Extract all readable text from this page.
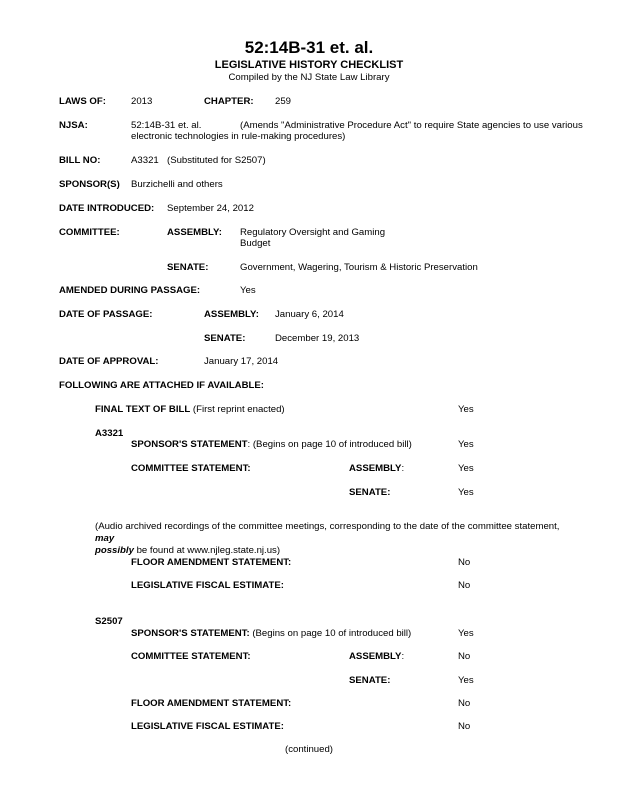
52:14B-31 et. al.
LEGISLATIVE HISTORY CHECKLIST
Compiled by the NJ State Law Library
LAWS OF:	2013	CHAPTER: 259
NJSA:	52:14B-31 et. al.	(Amends "Administrative Procedure Act" to require State agencies to use various
electronic technologies in rule-making procedures)
BILL NO:	A3321 (Substituted for S2507)
SPONSOR(S) Burzichelli and others
DATE INTRODUCED: September 24, 2012
COMMITTEE:	ASSEMBLY: Regulatory Oversight and Gaming
Budget
SENATE:	Government, Wagering, Tourism & Historic Preservation
AMENDED DURING PASSAGE:	Yes
DATE OF PASSAGE:	ASSEMBLY: January 6, 2014
SENATE:	December 19, 2013
DATE OF APPROVAL:	January 17, 2014
FOLLOWING ARE ATTACHED IF AVAILABLE:
FINAL TEXT OF BILL (First reprint enacted)	Yes
A3321
SPONSOR'S STATEMENT: (Begins on page 10 of introduced bill)	Yes
COMMITTEE STATEMENT:	ASSEMBLY:	Yes
SENATE:	Yes
(Audio archived recordings of the committee meetings, corresponding to the date of the committee statement, may
possibly be found at www.njleg.state.nj.us)
FLOOR AMENDMENT STATEMENT:	No
LEGISLATIVE FISCAL ESTIMATE:	No
S2507
SPONSOR'S STATEMENT: (Begins on page 10 of introduced bill)	Yes
COMMITTEE STATEMENT:	ASSEMBLY:	No
SENATE:	Yes
FLOOR AMENDMENT STATEMENT:	No
LEGISLATIVE FISCAL ESTIMATE:	No
(continued)
